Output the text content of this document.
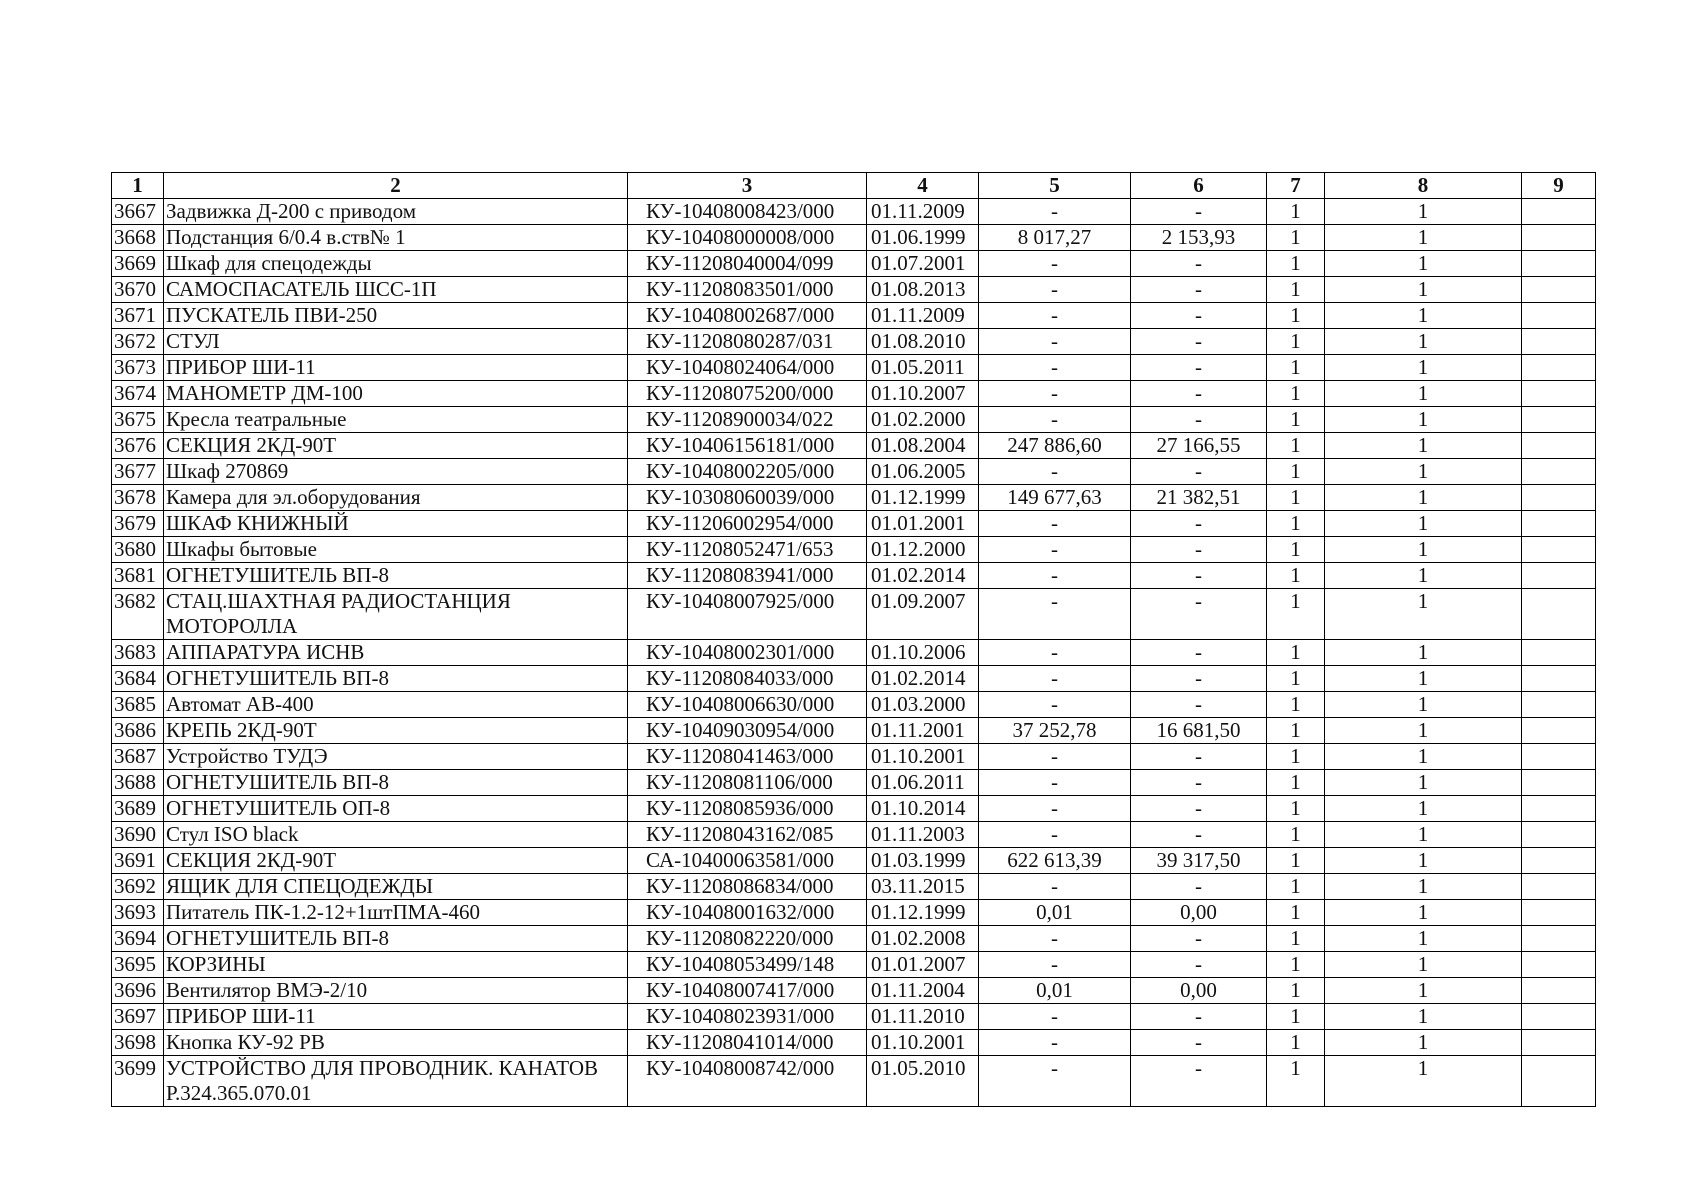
1	2	3	4	5	6	7	8	9
3667	Задвижка Д-200 с приводом	КУ-10408008423/000	01.11.2009	-	-	1	1	
3668	Подстанция 6/0.4 в.ств№ 1	КУ-10408000008/000	01.06.1999	8 017,27	2 153,93	1	1	
3669	Шкаф для спецодежды	КУ-11208040004/099	01.07.2001	-	-	1	1	
3670	САМОСПАСАТЕЛЬ ШСС-1П	КУ-11208083501/000	01.08.2013	-	-	1	1	
3671	ПУСКАТЕЛЬ ПВИ-250	КУ-10408002687/000	01.11.2009	-	-	1	1	
3672	СТУЛ	КУ-11208080287/031	01.08.2010	-	-	1	1	
3673	ПРИБОР ШИ-11	КУ-10408024064/000	01.05.2011	-	-	1	1	
3674	МАНОМЕТР ДМ-100	КУ-11208075200/000	01.10.2007	-	-	1	1	
3675	Кресла театральные	КУ-11208900034/022	01.02.2000	-	-	1	1	
3676	СЕКЦИЯ 2КД-90Т	КУ-10406156181/000	01.08.2004	247 886,60	27 166,55	1	1	
3677	Шкаф 270869	КУ-10408002205/000	01.06.2005	-	-	1	1	
3678	Камера для эл.оборудования	КУ-10308060039/000	01.12.1999	149 677,63	21 382,51	1	1	
3679	ШКАФ КНИЖНЫЙ	КУ-11206002954/000	01.01.2001	-	-	1	1	
3680	Шкафы бытовые	КУ-11208052471/653	01.12.2000	-	-	1	1	
3681	ОГНЕТУШИТЕЛЬ ВП-8	КУ-11208083941/000	01.02.2014	-	-	1	1	
3682	СТАЦ.ШАХТНАЯ РАДИОСТАНЦИЯ МОТОРОЛЛА	КУ-10408007925/000	01.09.2007	-	-	1	1	
3683	АППАРАТУРА ИСНВ	КУ-10408002301/000	01.10.2006	-	-	1	1	
3684	ОГНЕТУШИТЕЛЬ ВП-8	КУ-11208084033/000	01.02.2014	-	-	1	1	
3685	Автомат АВ-400	КУ-10408006630/000	01.03.2000	-	-	1	1	
3686	КРЕПЬ 2КД-90Т	КУ-10409030954/000	01.11.2001	37 252,78	16 681,50	1	1	
3687	Устройство ТУДЭ	КУ-11208041463/000	01.10.2001	-	-	1	1	
3688	ОГНЕТУШИТЕЛЬ ВП-8	КУ-11208081106/000	01.06.2011	-	-	1	1	
3689	ОГНЕТУШИТЕЛЬ ОП-8	КУ-11208085936/000	01.10.2014	-	-	1	1	
3690	Стул ISO black	КУ-11208043162/085	01.11.2003	-	-	1	1	
3691	СЕКЦИЯ 2КД-90Т	СА-10400063581/000	01.03.1999	622 613,39	39 317,50	1	1	
3692	ЯЩИК ДЛЯ СПЕЦОДЕЖДЫ	КУ-11208086834/000	03.11.2015	-	-	1	1	
3693	Питатель ПК-1.2-12+1штПМА-460	КУ-10408001632/000	01.12.1999	0,01	0,00	1	1	
3694	ОГНЕТУШИТЕЛЬ ВП-8	КУ-11208082220/000	01.02.2008	-	-	1	1	
3695	КОРЗИНЫ	КУ-10408053499/148	01.01.2007	-	-	1	1	
3696	Вентилятор ВМЭ-2/10	КУ-10408007417/000	01.11.2004	0,01	0,00	1	1	
3697	ПРИБОР ШИ-11	КУ-10408023931/000	01.11.2010	-	-	1	1	
3698	Кнопка КУ-92 РВ	КУ-11208041014/000	01.10.2001	-	-	1	1	
3699	УСТРОЙСТВО ДЛЯ ПРОВОДНИК. КАНАТОВ Р.324.365.070.01	КУ-10408008742/000	01.05.2010	-	-	1	1	
